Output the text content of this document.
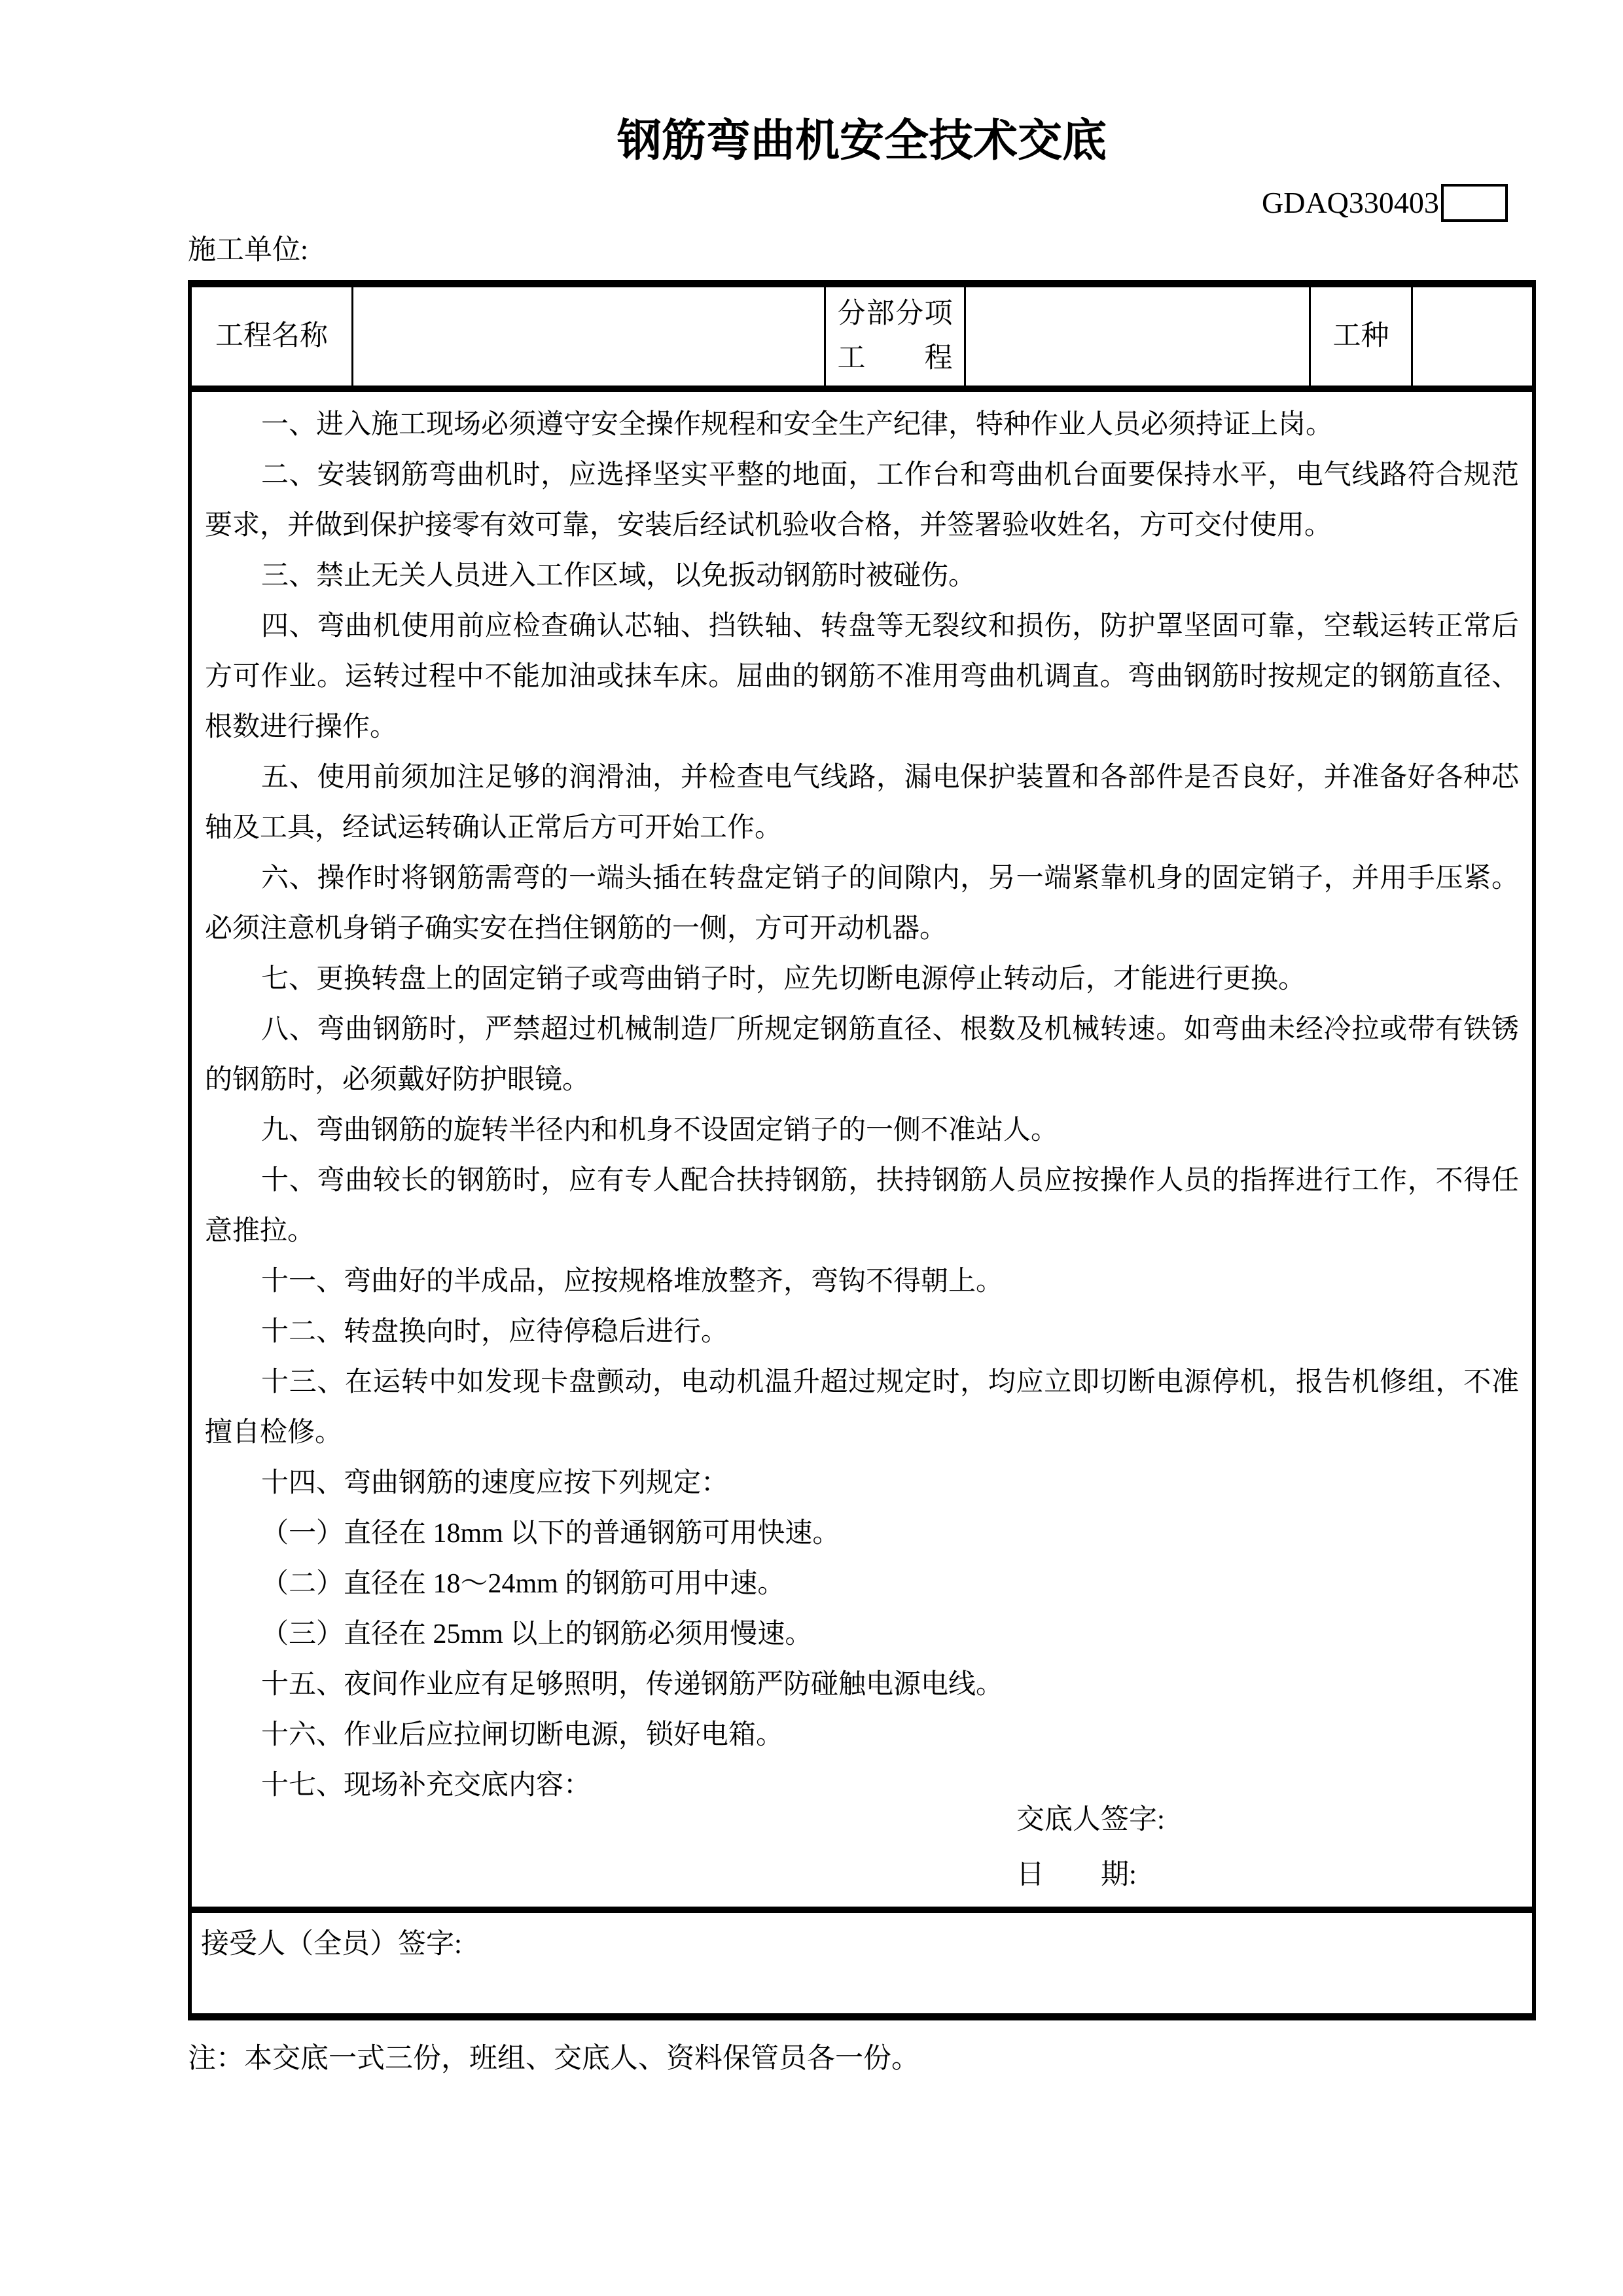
钢筋弯曲机安全技术交底
GDAQ330403
施工单位:
工程名称
分部分项
工程
工种

一、进入施工现场必须遵守安全操作规程和安全生产纪律，特种作业人员必须持证上岗。

二、安装钢筋弯曲机时，应选择坚实平整的地面，工作台和弯曲机台面要保持水平，电气线路符合规范要求，并做到保护接零有效可靠，安装后经试机验收合格，并签署验收姓名，方可交付使用。

三、禁止无关人员进入工作区域，以免扳动钢筋时被碰伤。

四、弯曲机使用前应检查确认芯轴、挡铁轴、转盘等无裂纹和损伤，防护罩坚固可靠，空载运转正常后方可作业。运转过程中不能加油或抹车床。屈曲的钢筋不准用弯曲机调直。弯曲钢筋时按规定的钢筋直径、根数进行操作。

五、使用前须加注足够的润滑油，并检查电气线路，漏电保护装置和各部件是否良好，并准备好各种芯轴及工具，经试运转确认正常后方可开始工作。

六、操作时将钢筋需弯的一端头插在转盘定销子的间隙内，另一端紧靠机身的固定销子，并用手压紧。必须注意机身销子确实安在挡住钢筋的一侧，方可开动机器。

七、更换转盘上的固定销子或弯曲销子时，应先切断电源停止转动后，才能进行更换。

八、弯曲钢筋时，严禁超过机械制造厂所规定钢筋直径、根数及机械转速。如弯曲未经冷拉或带有铁锈的钢筋时，必须戴好防护眼镜。

九、弯曲钢筋的旋转半径内和机身不设固定销子的一侧不准站人。

十、弯曲较长的钢筋时，应有专人配合扶持钢筋，扶持钢筋人员应按操作人员的指挥进行工作，不得任意推拉。

十一、弯曲好的半成品，应按规格堆放整齐，弯钩不得朝上。

十二、转盘换向时，应待停稳后进行。

十三、在运转中如发现卡盘颤动，电动机温升超过规定时，均应立即切断电源停机，报告机修组，不准擅自检修。

十四、弯曲钢筋的速度应按下列规定：

（一）直径在 18mm 以下的普通钢筋可用快速。

（二）直径在 18～24mm 的钢筋可用中速。

（三）直径在 25mm 以上的钢筋必须用慢速。

十五、夜间作业应有足够照明，传递钢筋严防碰触电源电线。

十六、作业后应拉闸切断电源，锁好电箱。

十七、现场补充交底内容：

交底人签字:
日　　期:
接受人（全员）签字:
注：本交底一式三份，班组、交底人、资料保管员各一份。
